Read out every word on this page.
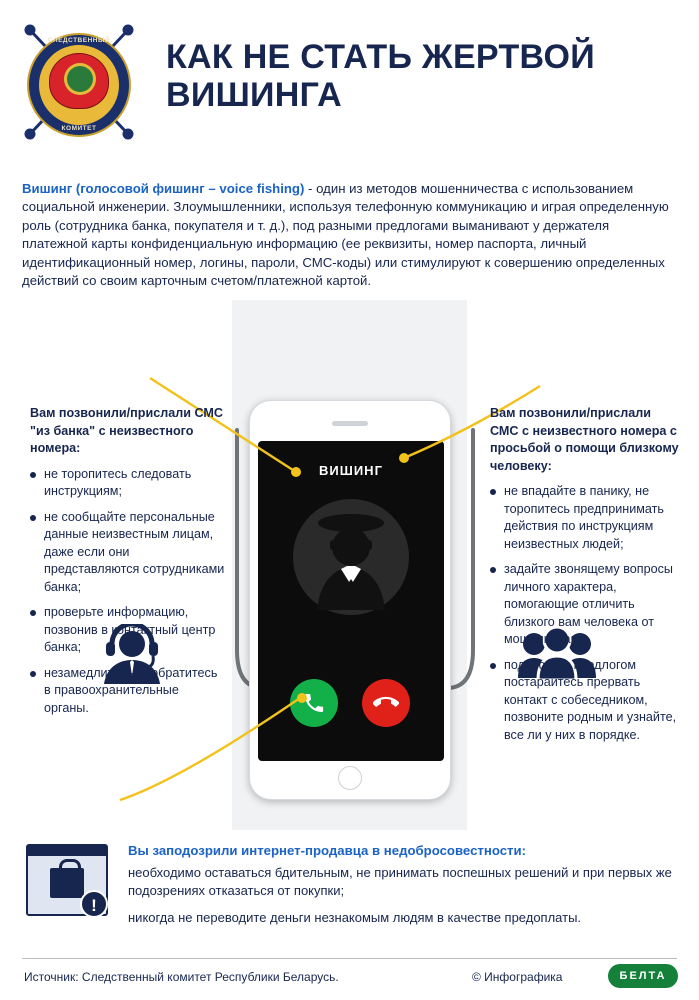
СЛЕДСТВЕННЫЙ
КОМИТЕТ
КАК НЕ СТАТЬ ЖЕРТВОЙ ВИШИНГА
Вишинг (голосовой фишинг – voice fishing) - один из методов мошенничества с использованием социальной инженерии. Злоумышленники, используя телефонную коммуникацию и играя определенную роль (сотрудника банка, покупателя и т. д.), под разными предлогами выманивают у держателя платежной карты конфиденциальную информацию (ее реквизиты, номер паспорта, личный идентификационный номер, логины, пароли, СМС-коды) или стимулируют к совершению определенных действий со своим карточным счетом/платежной картой.
ВИШИНГ
Вам позвонили/прислали СМС "из банка" с неизвестного номера:
не торопитесь следовать инструкциям;
не сообщайте персональные данные неизвестным лицам, даже если они представляются сотрудниками банка;
проверьте информацию, позвонив в контактный центр банка;
незамедлительно обратитесь в правоохранительные органы.
Вам позвонили/прислали СМС с неизвестного номера с просьбой о помощи близкому человеку:
не впадайте в панику, не торопитесь предпринимать действия по инструкциям неизвестных людей;
задайте звонящему вопросы личного характера, помогающие отличить близкого вам человека от мошенника;
под любым предлогом постарайтесь прервать контакт с собеседником, позвоните родным и узнайте, все ли у них в порядке.
!
Вы заподозрили интернет-продавца в недобросовестности:

необходимо оставаться бдительным, не принимать поспешных решений и при первых же подозрениях отказаться от покупки;

никогда не переводите деньги незнакомым людям в качестве предоплаты.

Источник: Следственный комитет Республики Беларусь.	© Инфографика	БЕЛТА
